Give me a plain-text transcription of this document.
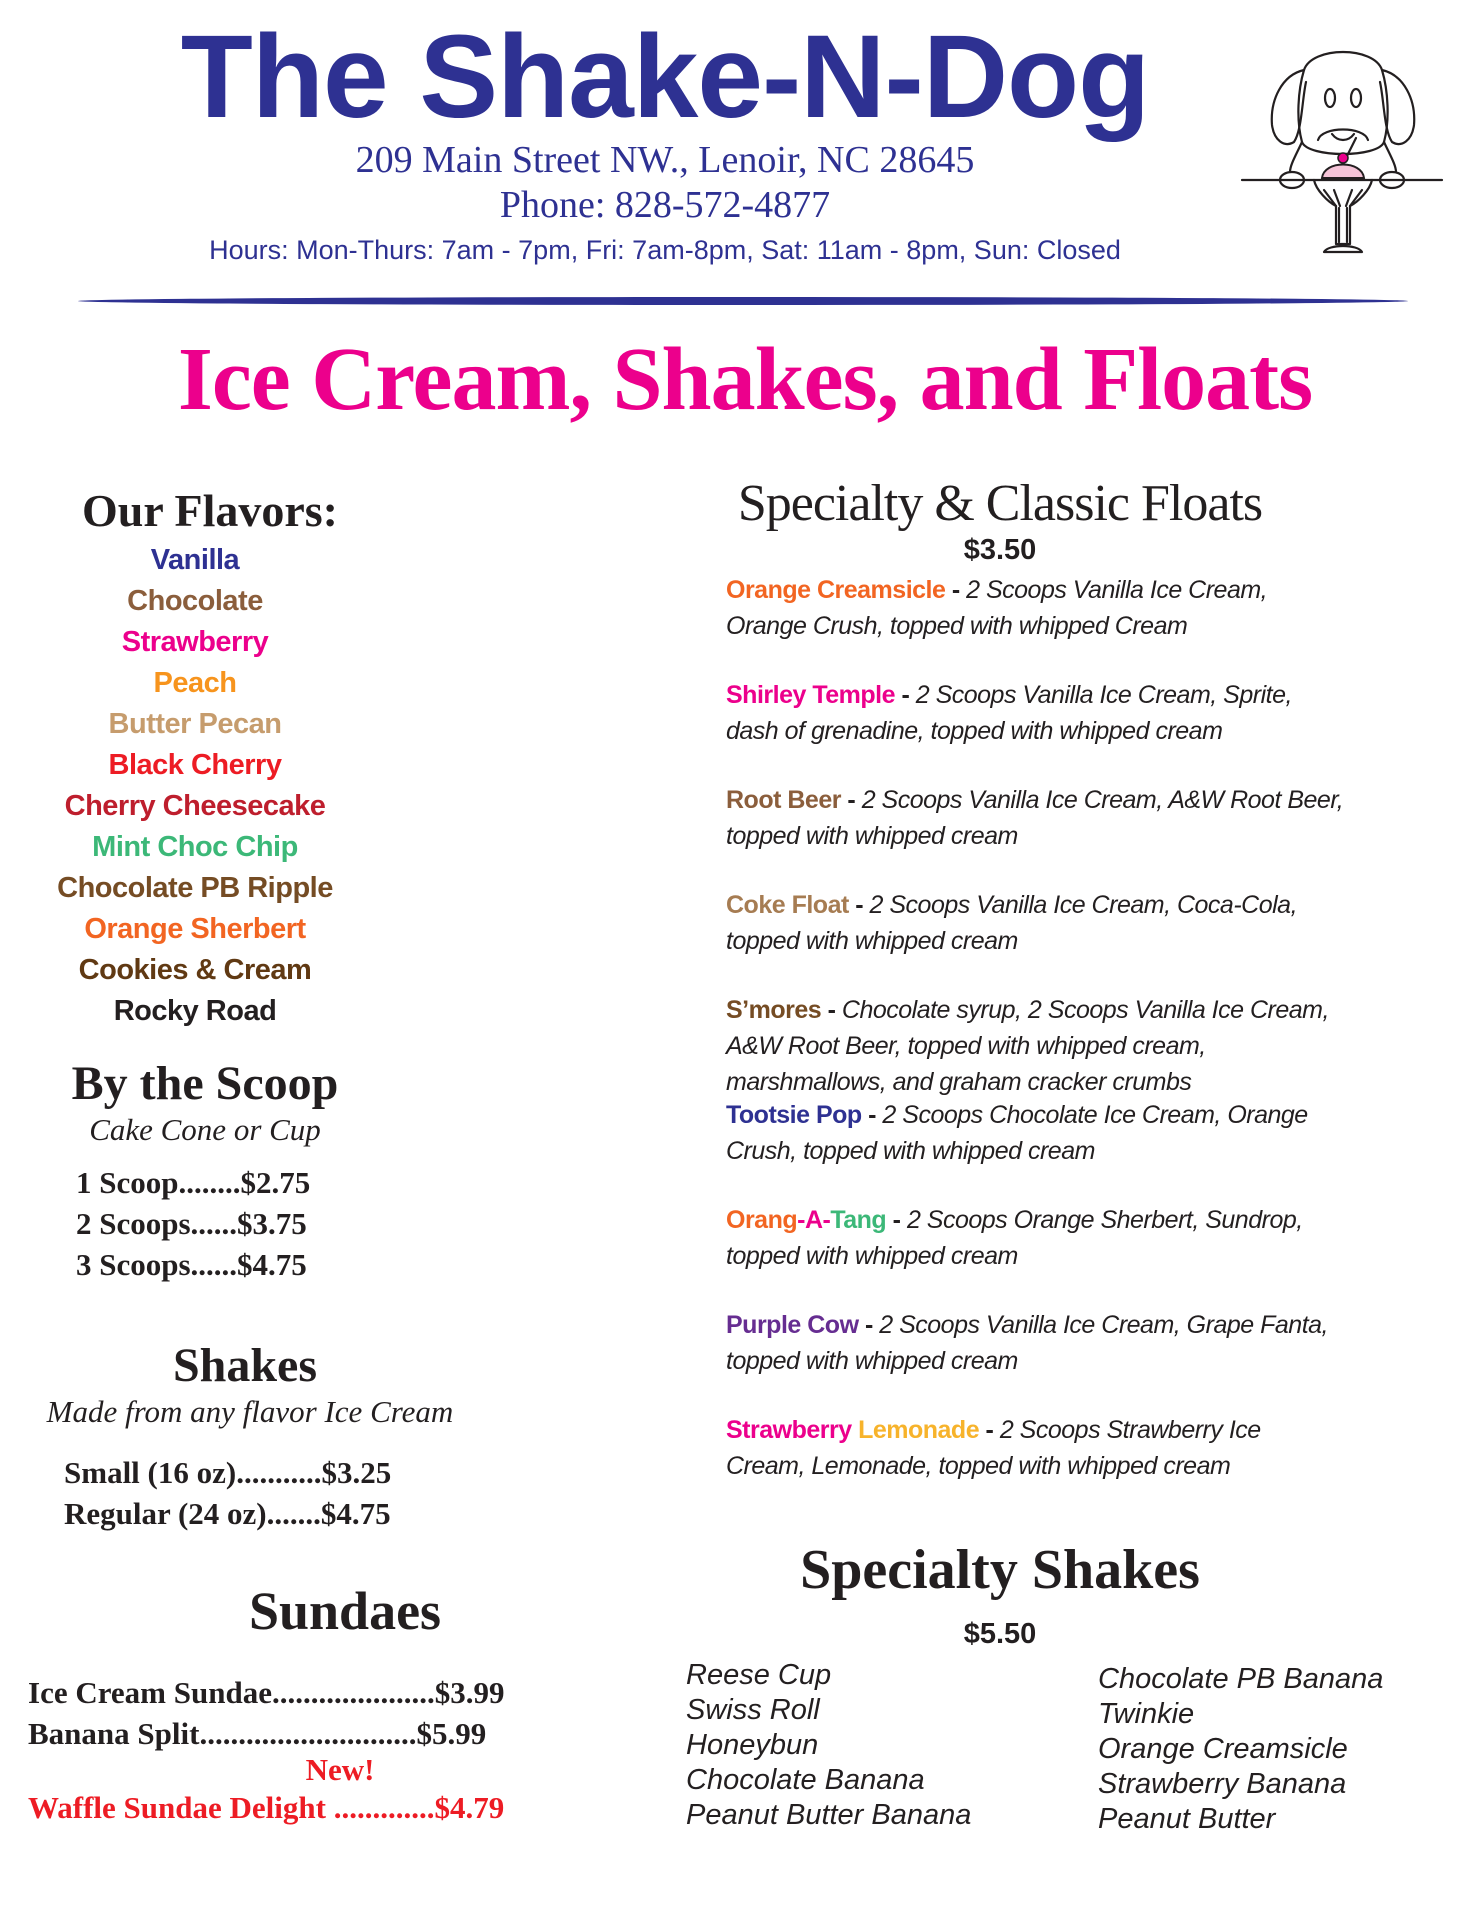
The Shake-N-Dog
209 Main Street NW., Lenoir, NC 28645
Phone: 828-572-4877
Hours: Mon-Thurs: 7am - 7pm, Fri: 7am-8pm, Sat: 11am - 8pm, Sun: Closed
Ice Cream, Shakes, and Floats
Our Flavors:
Vanilla
Chocolate
Strawberry
Peach
Butter Pecan
Black Cherry
Cherry Cheesecake
Mint Choc Chip
Chocolate PB Ripple
Orange Sherbert
Cookies & Cream
Rocky Road
By the Scoop
Cake Cone or Cup
1 Scoop........$2.75
2 Scoops......$3.75
3 Scoops......$4.75
Shakes
Made from any flavor Ice Cream
Small (16 oz)...........$3.25
Regular (24 oz).......$4.75
Sundaes
Ice Cream Sundae.....................$3.99
Banana Split............................$5.99
New!
Waffle Sundae Delight .............$4.79
Specialty & Classic Floats
$3.50
Orange Creamsicle - 2 Scoops Vanilla Ice Cream, Orange Crush, topped with whipped Cream
Shirley Temple - 2 Scoops Vanilla Ice Cream, Sprite, dash of grenadine, topped with whipped cream
Root Beer - 2 Scoops Vanilla Ice Cream, A&W Root Beer, topped with whipped cream
Coke Float - 2 Scoops Vanilla Ice Cream, Coca-Cola, topped with whipped cream
S’mores - Chocolate syrup, 2 Scoops Vanilla Ice Cream, A&W Root Beer, topped with whipped cream, marshmallows, and graham cracker crumbs
Tootsie Pop - 2 Scoops Chocolate Ice Cream, Orange Crush, topped with whipped cream
Orang-A-Tang - 2 Scoops Orange Sherbert, Sundrop, topped with whipped cream
Purple Cow - 2 Scoops Vanilla Ice Cream, Grape Fanta, topped with whipped cream
Strawberry Lemonade - 2 Scoops Strawberry Ice Cream, Lemonade, topped with whipped cream
Specialty Shakes
$5.50
Reese Cup
Swiss Roll
Honeybun
Chocolate Banana
Peanut Butter Banana
Chocolate PB Banana
Twinkie
Orange Creamsicle
Strawberry Banana
Peanut Butter
